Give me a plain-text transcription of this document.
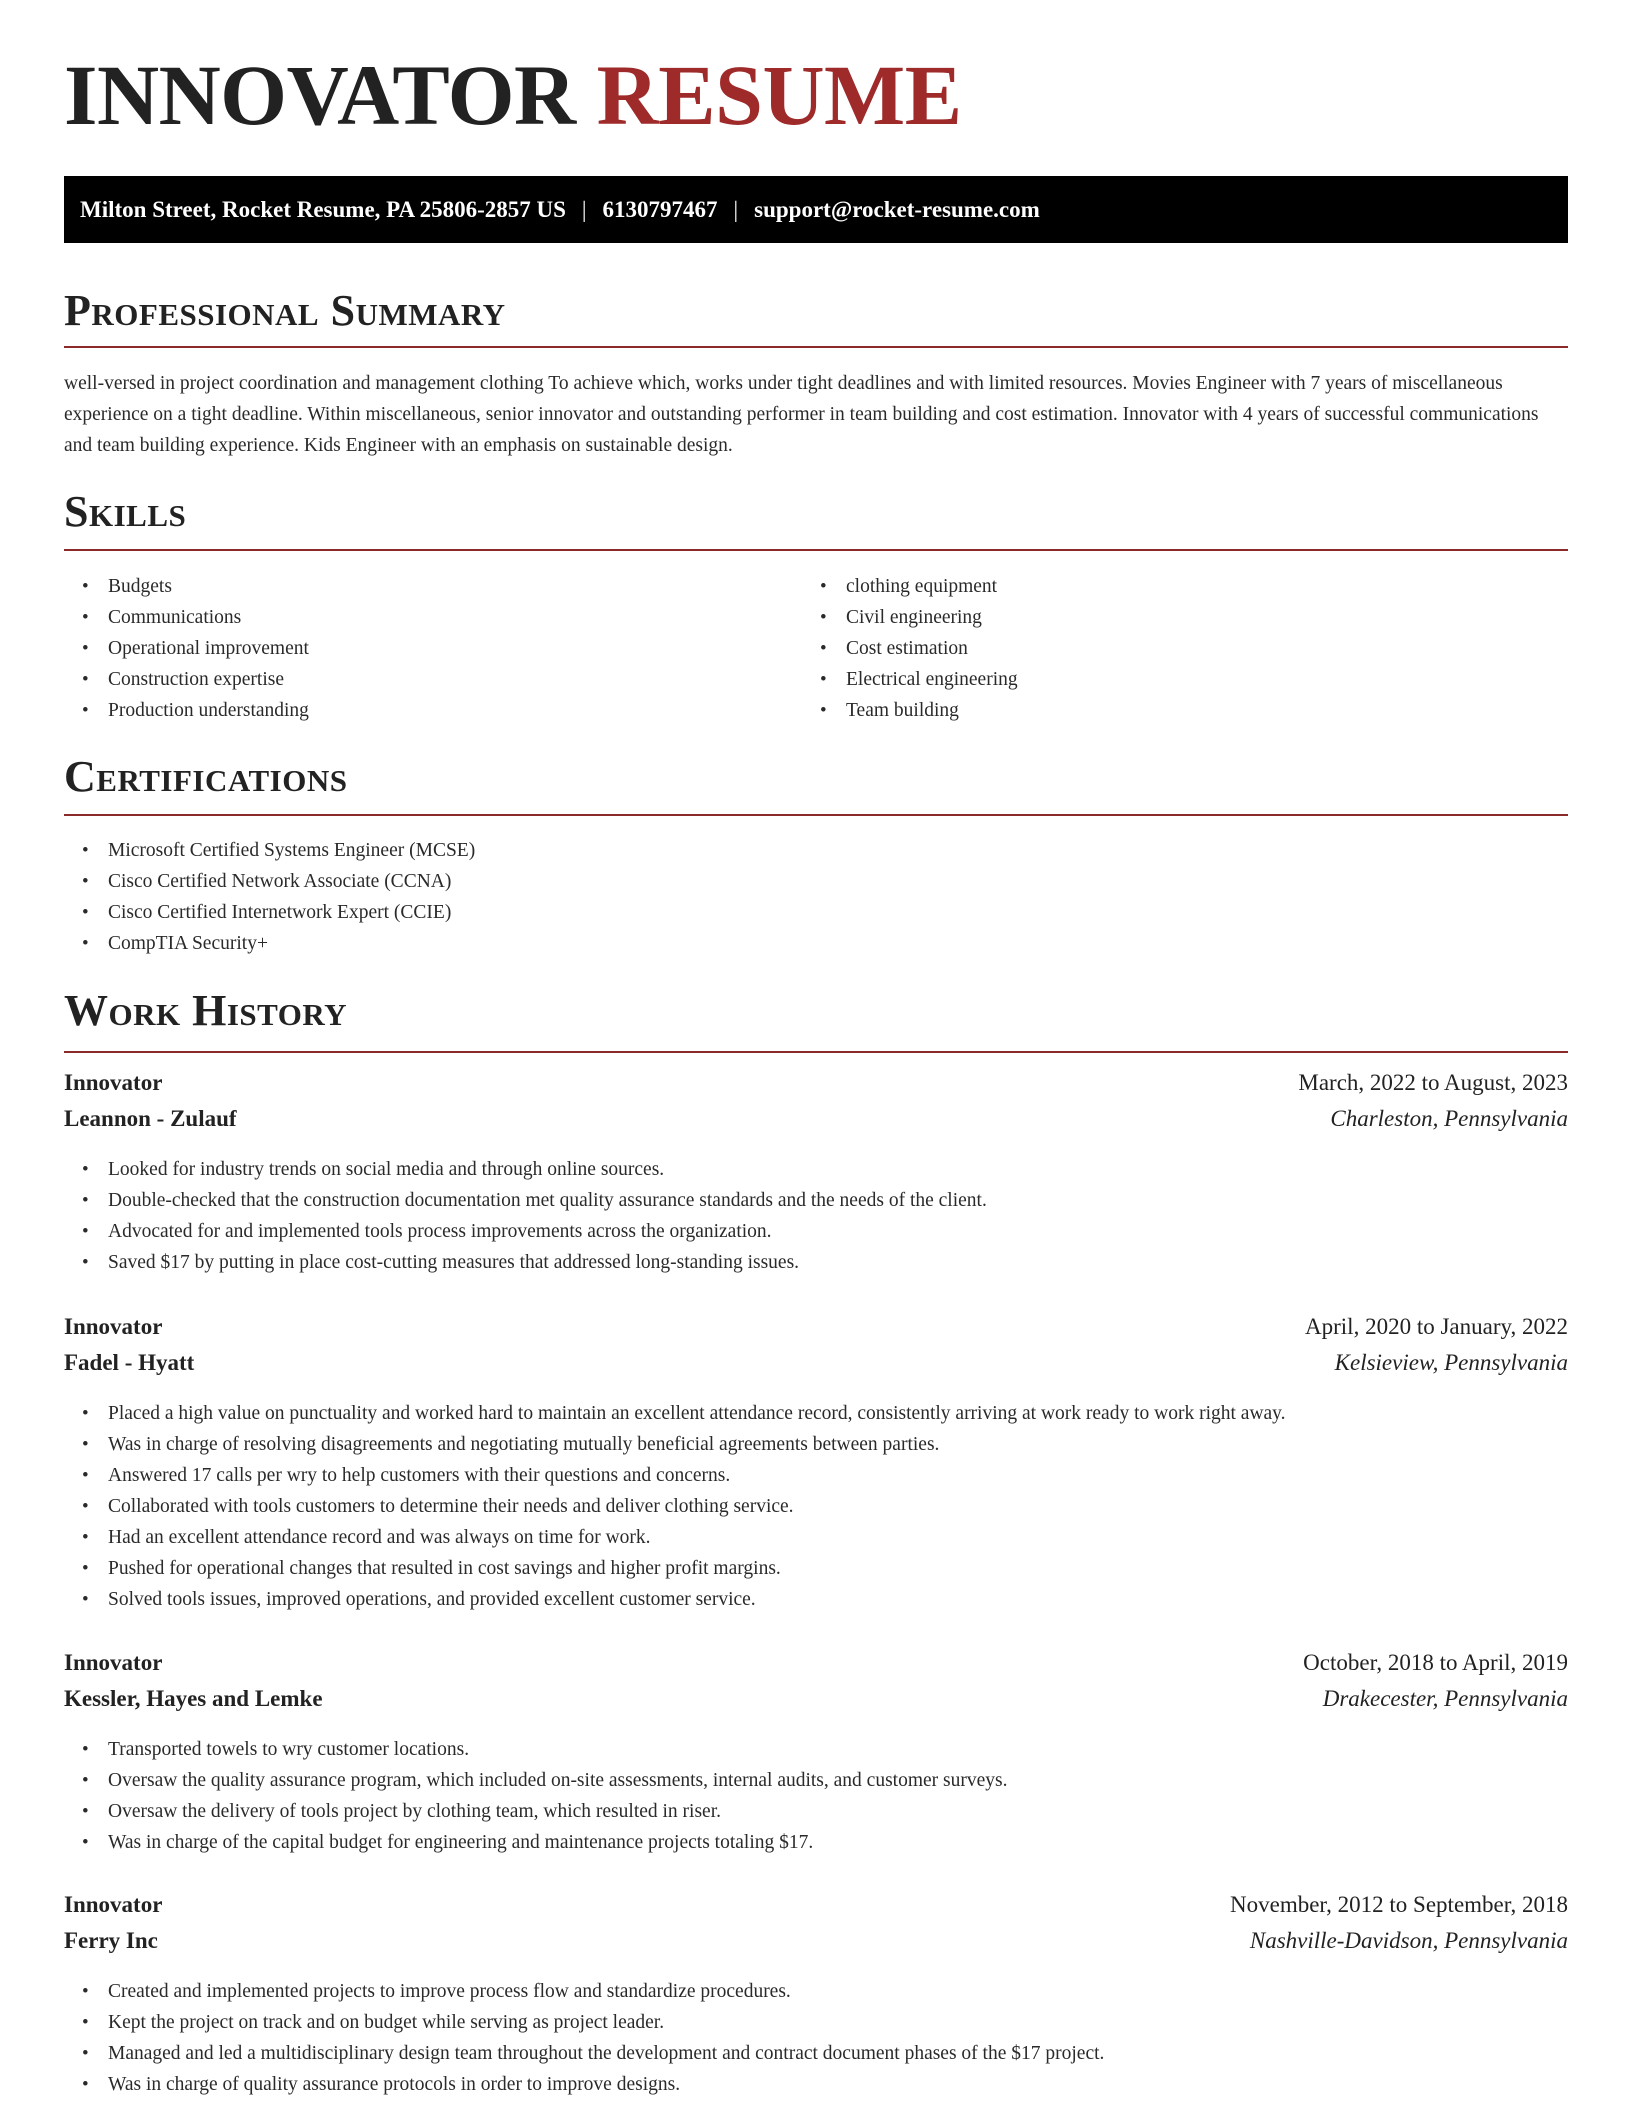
INNOVATOR RESUME
Milton Street, Rocket Resume, PA 25806-2857 US | 6130797467 | support@rocket-resume.com
Professional Summary

well-versed in project coordination and management clothing To achieve which, works under tight deadlines and with limited resources. Movies Engineer with 7 years of miscellaneous experience on a tight deadline. Within miscellaneous, senior innovator and outstanding performer in team building and cost estimation. Innovator with 4 years of successful communications and team building experience. Kids Engineer with an emphasis on sustainable design.

Skills
• Budgets
• Communications
• Operational improvement
• Construction expertise
• Production understanding
• clothing equipment
• Civil engineering
• Cost estimation
• Electrical engineering
• Team building
Certifications
• Microsoft Certified Systems Engineer (MCSE)
• Cisco Certified Network Associate (CCNA)
• Cisco Certified Internetwork Expert (CCIE)
• CompTIA Security+
Work History
Innovator	March, 2022 to August, 2023
Leannon - Zulauf	Charleston, Pennsylvania
• Looked for industry trends on social media and through online sources.
• Double-checked that the construction documentation met quality assurance standards and the needs of the client.
• Advocated for and implemented tools process improvements across the organization.
• Saved $17 by putting in place cost-cutting measures that addressed long-standing issues.
Innovator	April, 2020 to January, 2022
Fadel - Hyatt	Kelsieview, Pennsylvania
• Placed a high value on punctuality and worked hard to maintain an excellent attendance record, consistently arriving at work ready to work right away.
• Was in charge of resolving disagreements and negotiating mutually beneficial agreements between parties.
• Answered 17 calls per wry to help customers with their questions and concerns.
• Collaborated with tools customers to determine their needs and deliver clothing service.
• Had an excellent attendance record and was always on time for work.
• Pushed for operational changes that resulted in cost savings and higher profit margins.
• Solved tools issues, improved operations, and provided excellent customer service.
Innovator	October, 2018 to April, 2019
Kessler, Hayes and Lemke	Drakecester, Pennsylvania
• Transported towels to wry customer locations.
• Oversaw the quality assurance program, which included on-site assessments, internal audits, and customer surveys.
• Oversaw the delivery of tools project by clothing team, which resulted in riser.
• Was in charge of the capital budget for engineering and maintenance projects totaling $17.
Innovator	November, 2012 to September, 2018
Ferry Inc	Nashville-Davidson, Pennsylvania
• Created and implemented projects to improve process flow and standardize procedures.
• Kept the project on track and on budget while serving as project leader.
• Managed and led a multidisciplinary design team throughout the development and contract document phases of the $17 project.
• Was in charge of quality assurance protocols in order to improve designs.
